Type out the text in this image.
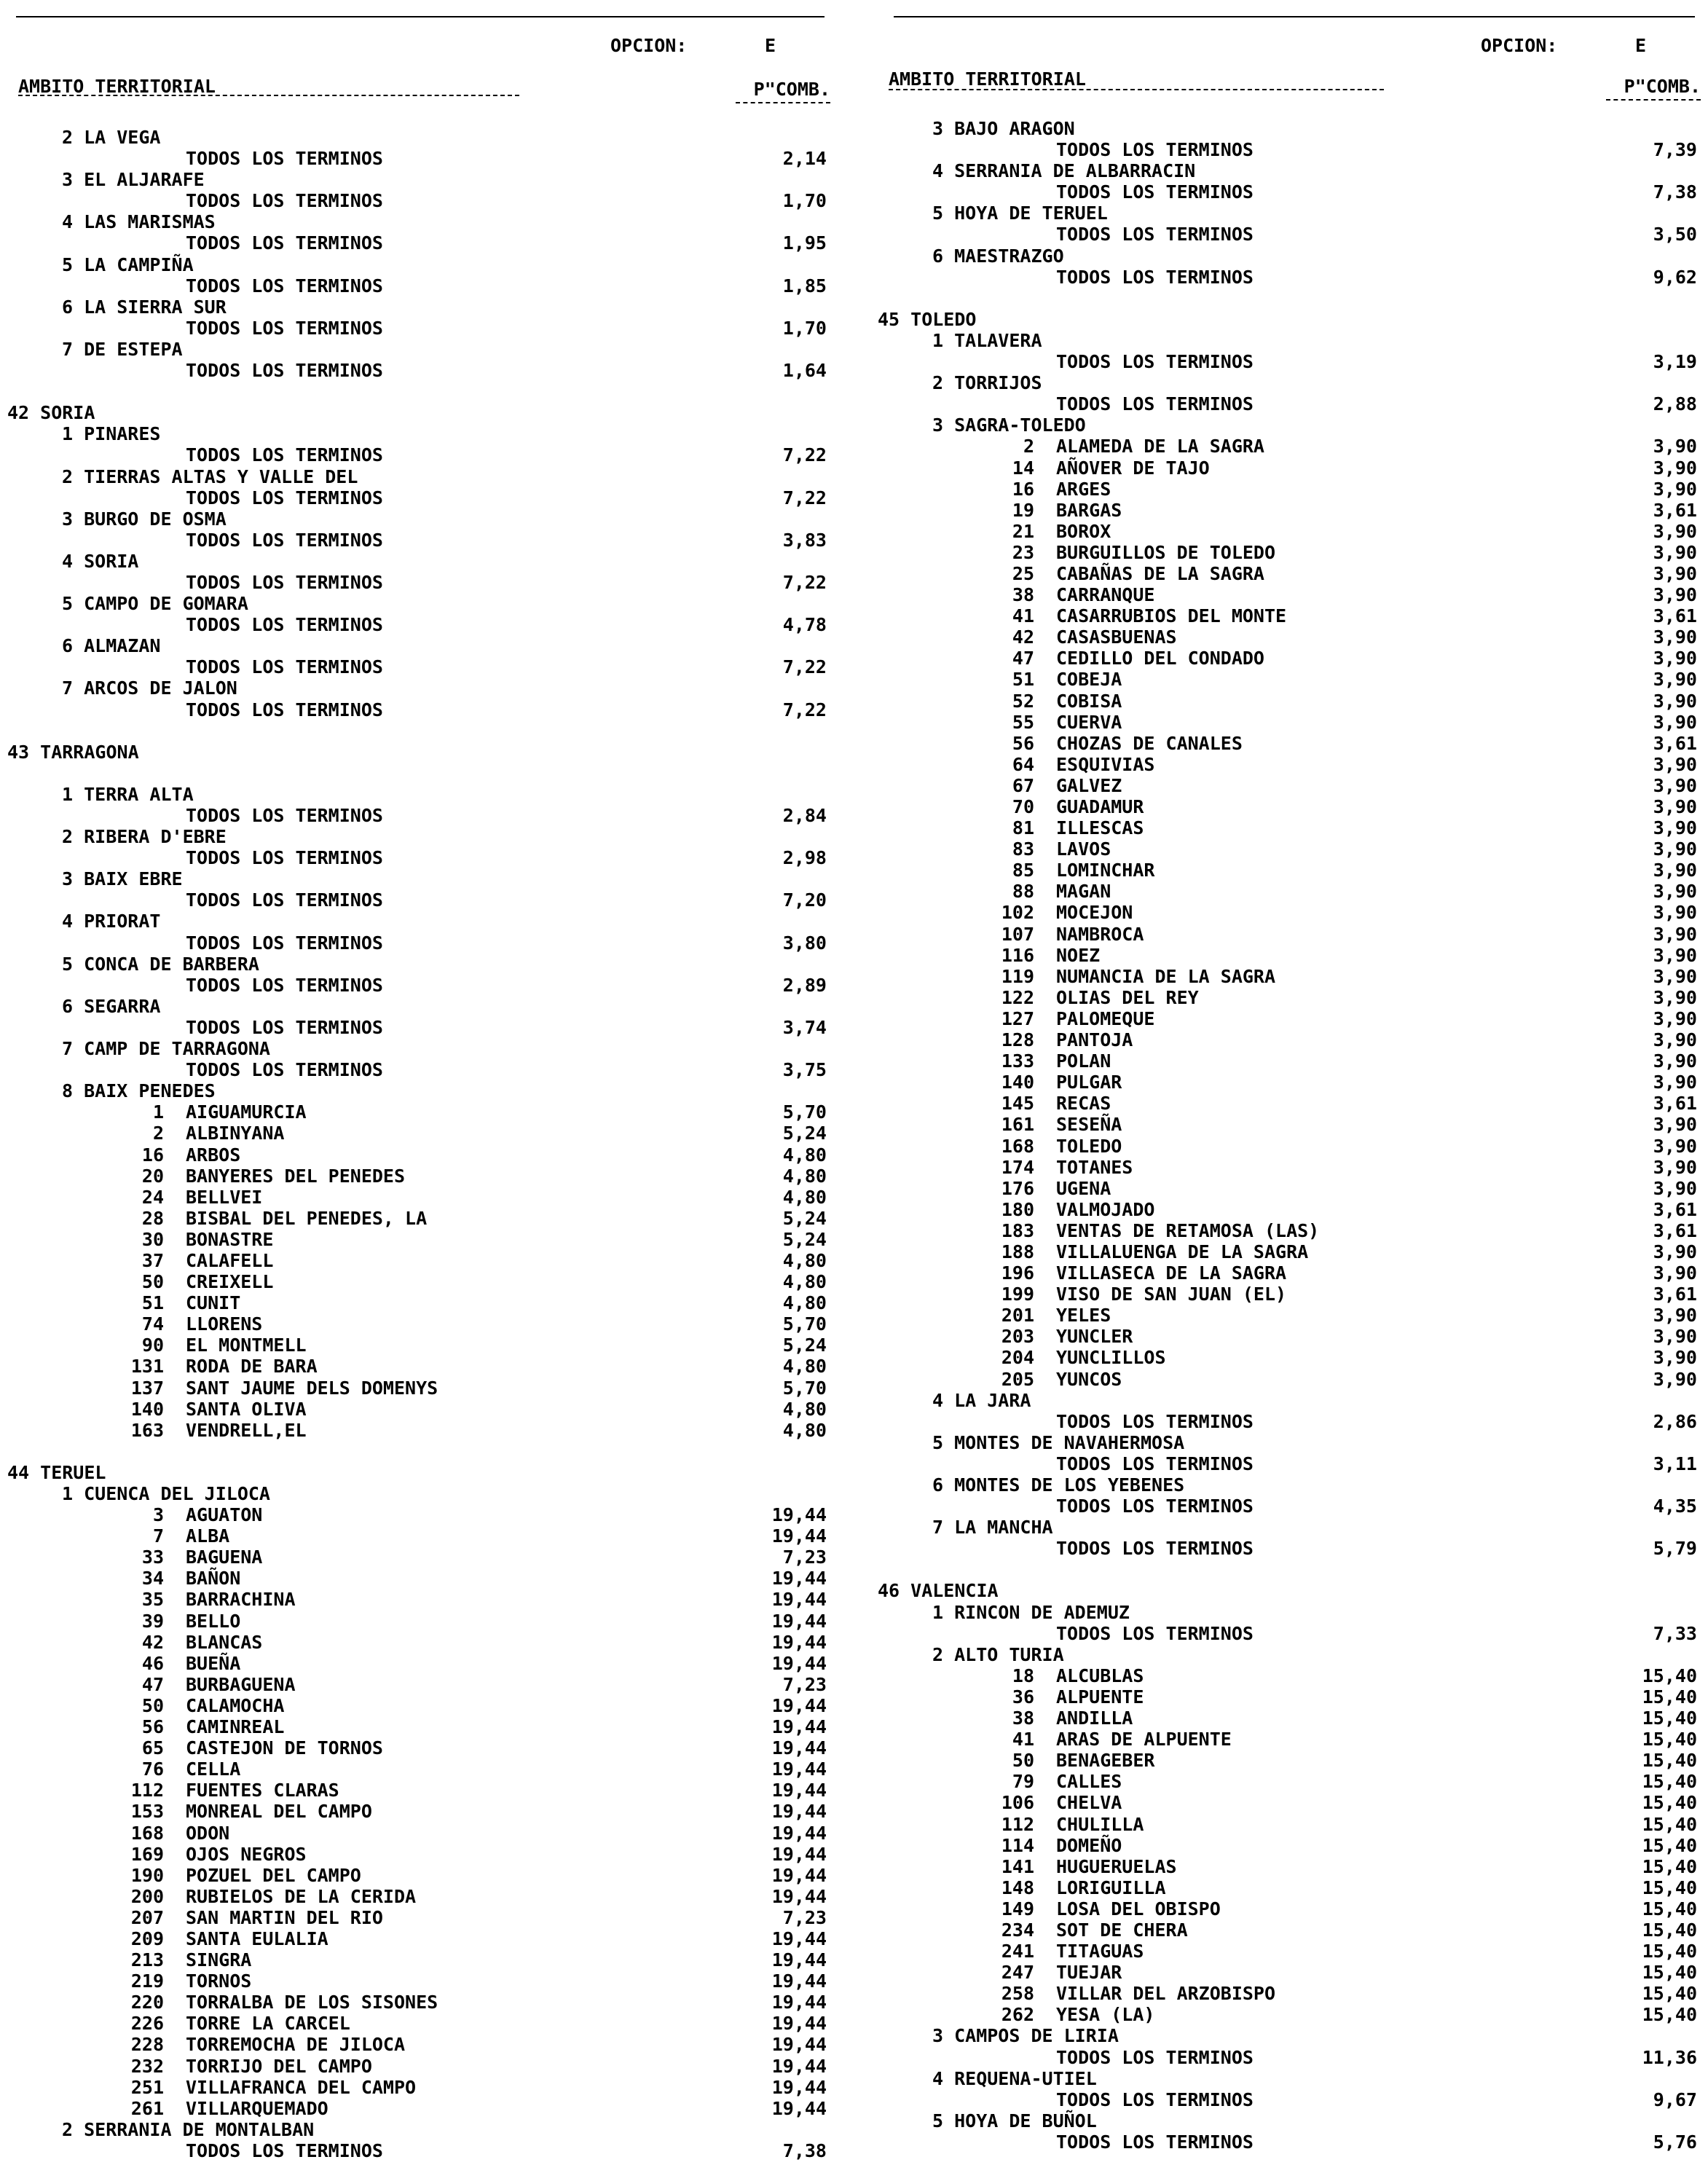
OPCION:	E
AMBITO TERRITORIAL	P"COMB.
2 LA VEGA
TODOS LOS TERMINOS	2,14
3 EL ALJARAFE
TODOS LOS TERMINOS	1,70
4 LAS MARISMAS
TODOS LOS TERMINOS	1,95
5 LA CAMPIÑA
TODOS LOS TERMINOS	1,85
6 LA SIERRA SUR
TODOS LOS TERMINOS	1,70
7 DE ESTEPA
TODOS LOS TERMINOS	1,64
42 SORIA
1 PINARES
TODOS LOS TERMINOS	7,22
2 TIERRAS ALTAS Y VALLE DEL
TODOS LOS TERMINOS	7,22
3 BURGO DE OSMA
TODOS LOS TERMINOS	3,83
4 SORIA
TODOS LOS TERMINOS	7,22
5 CAMPO DE GOMARA
TODOS LOS TERMINOS	4,78
6 ALMAZAN
TODOS LOS TERMINOS	7,22
7 ARCOS DE JALON
TODOS LOS TERMINOS	7,22
43 TARRAGONA
1 TERRA ALTA
TODOS LOS TERMINOS	2,84
2 RIBERA D'EBRE
TODOS LOS TERMINOS	2,98
3 BAIX EBRE
TODOS LOS TERMINOS	7,20
4 PRIORAT
TODOS LOS TERMINOS	3,80
5 CONCA DE BARBERA
TODOS LOS TERMINOS	2,89
6 SEGARRA
TODOS LOS TERMINOS	3,74
7 CAMP DE TARRAGONA
TODOS LOS TERMINOS	3,75
8 BAIX PENEDES
1 AIGUAMURCIA	5,70
2 ALBINYANA	5,24
16 ARBOS	4,80
20 BANYERES DEL PENEDES	4,80
24 BELLVEI	4,80
28 BISBAL DEL PENEDES, LA	5,24
30 BONASTRE	5,24
37 CALAFELL	4,80
50 CREIXELL	4,80
51 CUNIT	4,80
74 LLORENS	5,70
90 EL MONTMELL	5,24
131 RODA DE BARA	4,80
137 SANT JAUME DELS DOMENYS	5,70
140 SANTA OLIVA	4,80
163 VENDRELL,EL	4,80
44 TERUEL
1 CUENCA DEL JILOCA
3 AGUATON	19,44
7 ALBA	19,44
33 BAGUENA	7,23
34 BAÑON	19,44
35 BARRACHINA	19,44
39 BELLO	19,44
42 BLANCAS	19,44
46 BUEÑA	19,44
47 BURBAGUENA	7,23
50 CALAMOCHA	19,44
56 CAMINREAL	19,44
65 CASTEJON DE TORNOS	19,44
76 CELLA	19,44
112 FUENTES CLARAS	19,44
153 MONREAL DEL CAMPO	19,44
168 ODON	19,44
169 OJOS NEGROS	19,44
190 POZUEL DEL CAMPO	19,44
200 RUBIELOS DE LA CERIDA	19,44
207 SAN MARTIN DEL RIO	7,23
209 SANTA EULALIA	19,44
213 SINGRA	19,44
219 TORNOS	19,44
220 TORRALBA DE LOS SISONES	19,44
226 TORRE LA CARCEL	19,44
228 TORREMOCHA DE JILOCA	19,44
232 TORRIJO DEL CAMPO	19,44
251 VILLAFRANCA DEL CAMPO	19,44
261 VILLARQUEMADO	19,44
2 SERRANIA DE MONTALBAN
TODOS LOS TERMINOS	7,38
OPCION:	E
AMBITO TERRITORIAL	P"COMB.
3 BAJO ARAGON
TODOS LOS TERMINOS	7,39
4 SERRANIA DE ALBARRACIN
TODOS LOS TERMINOS	7,38
5 HOYA DE TERUEL
TODOS LOS TERMINOS	3,50
6 MAESTRAZGO
TODOS LOS TERMINOS	9,62
45 TOLEDO
1 TALAVERA
TODOS LOS TERMINOS	3,19
2 TORRIJOS
TODOS LOS TERMINOS	2,88
3 SAGRA-TOLEDO
2 ALAMEDA DE LA SAGRA	3,90
14 AÑOVER DE TAJO	3,90
16 ARGES	3,90
19 BARGAS	3,61
21 BOROX	3,90
23 BURGUILLOS DE TOLEDO	3,90
25 CABAÑAS DE LA SAGRA	3,90
38 CARRANQUE	3,90
41 CASARRUBIOS DEL MONTE	3,61
42 CASASBUENAS	3,90
47 CEDILLO DEL CONDADO	3,90
51 COBEJA	3,90
52 COBISA	3,90
55 CUERVA	3,90
56 CHOZAS DE CANALES	3,61
64 ESQUIVIAS	3,90
67 GALVEZ	3,90
70 GUADAMUR	3,90
81 ILLESCAS	3,90
83 LAVOS	3,90
85 LOMINCHAR	3,90
88 MAGAN	3,90
102 MOCEJON	3,90
107 NAMBROCA	3,90
116 NOEZ	3,90
119 NUMANCIA DE LA SAGRA	3,90
122 OLIAS DEL REY	3,90
127 PALOMEQUE	3,90
128 PANTOJA	3,90
133 POLAN	3,90
140 PULGAR	3,90
145 RECAS	3,61
161 SESEÑA	3,90
168 TOLEDO	3,90
174 TOTANES	3,90
176 UGENA	3,90
180 VALMOJADO	3,61
183 VENTAS DE RETAMOSA (LAS)	3,61
188 VILLALUENGA DE LA SAGRA	3,90
196 VILLASECA DE LA SAGRA	3,90
199 VISO DE SAN JUAN (EL)	3,61
201 YELES	3,90
203 YUNCLER	3,90
204 YUNCLILLOS	3,90
205 YUNCOS	3,90
4 LA JARA
TODOS LOS TERMINOS	2,86
5 MONTES DE NAVAHERMOSA
TODOS LOS TERMINOS	3,11
6 MONTES DE LOS YEBENES
TODOS LOS TERMINOS	4,35
7 LA MANCHA
TODOS LOS TERMINOS	5,79
46 VALENCIA
1 RINCON DE ADEMUZ
TODOS LOS TERMINOS	7,33
2 ALTO TURIA
18 ALCUBLAS	15,40
36 ALPUENTE	15,40
38 ANDILLA	15,40
41 ARAS DE ALPUENTE	15,40
50 BENAGEBER	15,40
79 CALLES	15,40
106 CHELVA	15,40
112 CHULILLA	15,40
114 DOMEÑO	15,40
141 HUGUERUELAS	15,40
148 LORIGUILLA	15,40
149 LOSA DEL OBISPO	15,40
234 SOT DE CHERA	15,40
241 TITAGUAS	15,40
247 TUEJAR	15,40
258 VILLAR DEL ARZOBISPO	15,40
262 YESA (LA)	15,40
3 CAMPOS DE LIRIA
TODOS LOS TERMINOS	11,36
4 REQUENA-UTIEL
TODOS LOS TERMINOS	9,67
5 HOYA DE BUÑOL
TODOS LOS TERMINOS	5,76
